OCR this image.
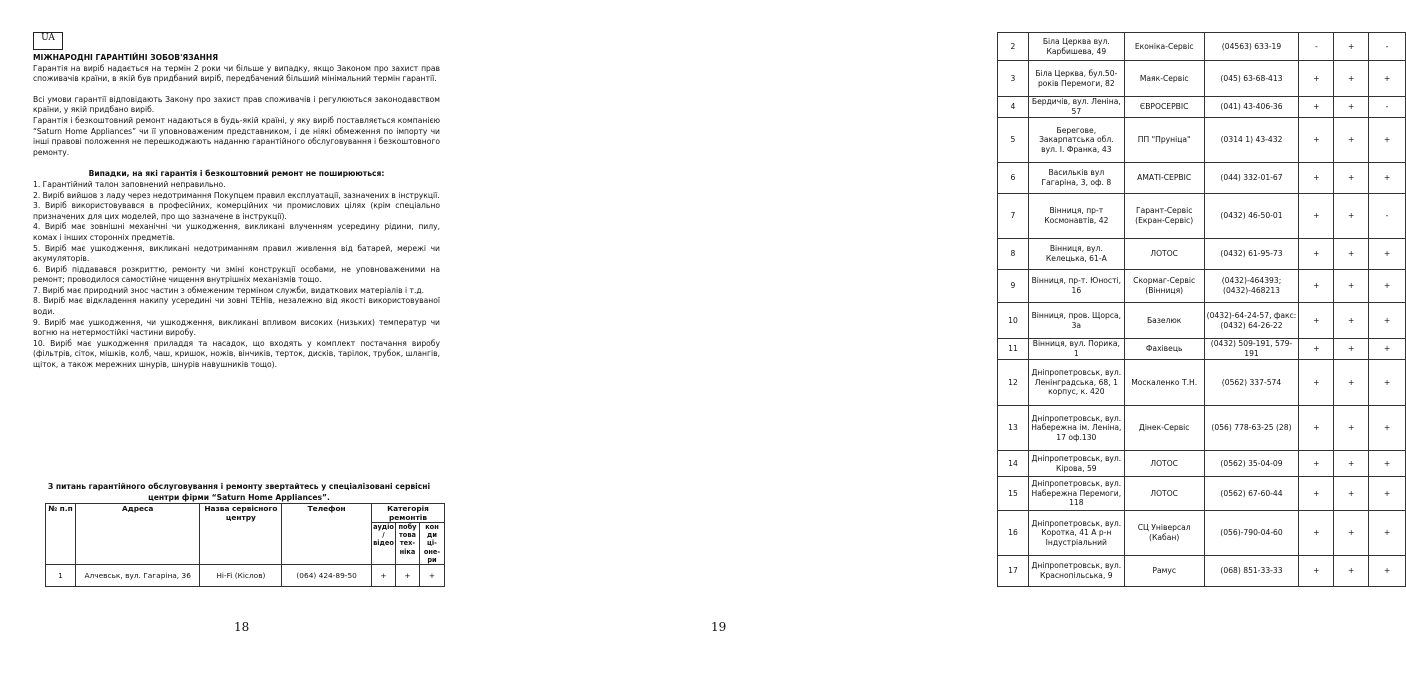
UA

МІЖНАРОДНІ ГАРАНТІЙНІ ЗОБОВ'ЯЗАННЯ

Гарантія на виріб надається на термін 2 роки чи більше у випадку, якщо Законом про захист прав споживачів країни, в якій був придбаний виріб, передбачений більший мінімальний термін гарантії.

Всі умови гарантії відповідають Закону про захист прав споживачів і регулюються законодавством країни, у якій придбано виріб.

Гарантія і безкоштовний ремонт надаються в будь-якій країні, у яку виріб поставляється компанією “Saturn Home Appliances” чи її уповноваженим представником, і де ніякі обмеження по імпорту чи інші правові положення не перешкоджають наданню гарантійного обслуговування і безкоштовного ремонту.

Випадки, на які гарантія і безкоштовний ремонт не поширюються:

1. Гарантійний талон заповнений неправильно.

2. Виріб вийшов з ладу через недотримання Покупцем правил експлуатації, зазначених в інструкції.

3. Виріб використовувався в професійних, комерційних чи промислових цілях (крім спеціально призначених для цих моделей, про що зазначене в інструкції).

4. Виріб має зовнішні механічні чи ушкодження, викликані влученням усередину рідини, пилу, комах і інших сторонніх предметів.

5. Виріб має ушкодження, викликані недотриманням правил живлення від батарей, мережі чи акумуляторів.

6. Виріб піддавався розкриттю, ремонту чи зміні конструкції особами, не уповноваженими на ремонт; проводилося самостійне чищення внутрішніх механізмів тощо.

7. Виріб має природний знос частин з обмеженим терміном служби, видаткових матеріалів і т.д.

8. Виріб має відкладення накипу усередині чи зовні ТЕНів, незалежно від якості використовуваної води.

9. Виріб має ушкодження, чи ушкодження, викликані впливом високих (низьких) температур чи вогню на нетермостійкі частини виробу.

10. Виріб має ушкодження приладдя та насадок, що входять у комплект постачання виробу (фільтрів, сіток, мішків, колб, чаш, кришок, ножів, вінчиків, терток, дисків, тарілок, трубок, шлангів, щіток, а також мережних шнурів, шнурів навушників тощо).

З питань гарантійного обслуговування і ремонту звертайтесь у спеціалізовані сервісні центри фірми “Saturn Home Appliances”.
№ п.п	Адреса	Назва сервісного центру	Телефон	Категорія ремонтів		
				аудіо / відео	побу това тех- ніка	кон ди ці- оне- ри
1	Алчевськ, вул. Гагаріна, 36	Hi-Fi (Кіслов)	(064) 424-89-50	+	+	+
18
2	Біла Церква вул. Карбишева, 49	Еконіка-Сервіс	(04563) 633-19	-	+	-
3	Біла Церква, бул.50- років Перемоги, 82	Маяк-Сервіс	(045) 63-68-413	+	+	+
4	Бердичів, вул. Леніна, 57	ЄВРОСЕРВІС	(041) 43-406-36	+	+	-
5	Берегове, Закарпатська обл. вул. І. Франка, 43	ПП "Пруніца"	(0314 1) 43-432	+	+	+
6	Васильків вул Гагаріна, 3, оф. 8	АМАТІ-СЕРВІС	(044) 332-01-67	+	+	+
7	Вінниця, пр-т Космонавтів, 42	Гарант-Сервіс (Екран-Сервіс)	(0432) 46-50-01	+	+	-
8	Вінниця, вул. Келецька, 61-А	ЛОТОС	(0432) 61-95-73	+	+	+
9	Вінниця, пр-т. Юності, 16	Скормаг-Сервіс (Вінниця)	(0432)-464393; (0432)-468213	+	+	+
10	Вінниця, пров. Щорса, 3а	Базелюк	(0432)-64-24-57, факс: (0432) 64-26-22	+	+	+
11	Вінниця, вул. Порика, 1	Фахівець	(0432) 509-191, 579-191	+	+	+
12	Дніпропетровськ, вул. Ленінградська, 68, 1 корпус, к. 420	Москаленко Т.Н.	(0562) 337-574	+	+	+
13	Дніпропетровськ, вул. Набережна ім. Леніна, 17 оф.130	Дінек-Сервіс	(056) 778-63-25 (28)	+	+	+
14	Дніпропетровськ, вул. Кірова, 59	ЛОТОС	(0562) 35-04-09	+	+	+
15	Дніпропетровськ, вул. Набережна Перемоги, 118	ЛОТОС	(0562) 67-60-44	+	+	+
16	Дніпропетровськ, вул. Коротка, 41 А р-н Індустріальний	СЦ Універсал (Кабан)	(056)-790-04-60	+	+	+
17	Дніпропетровськ, вул. Краснопільська, 9	Рамус	(068) 851-33-33	+	+	+
19
